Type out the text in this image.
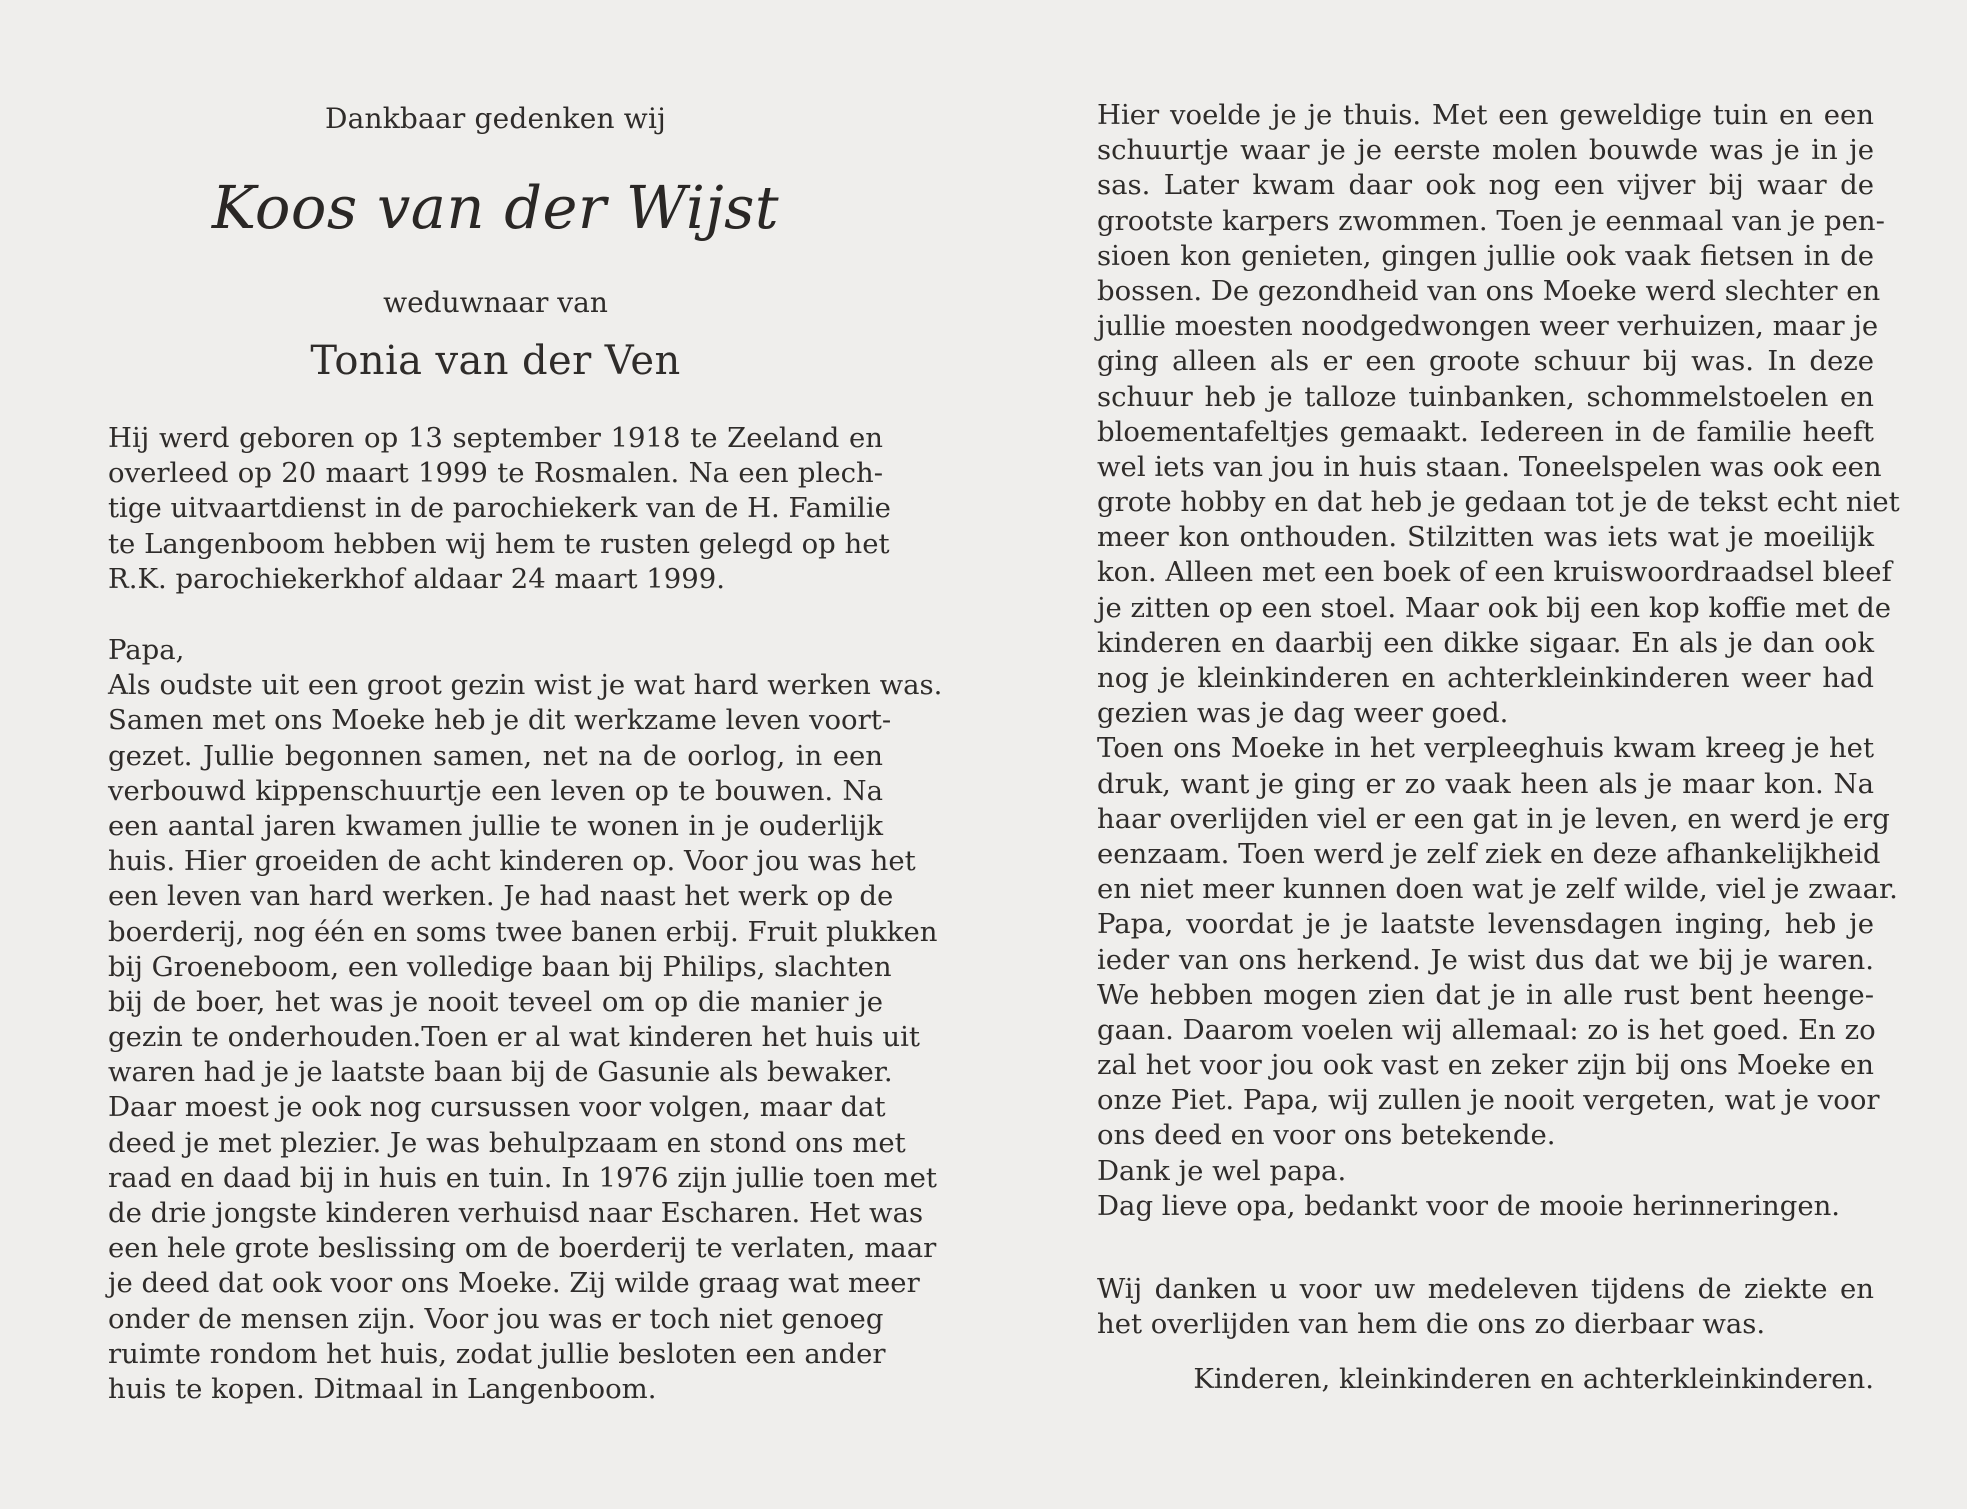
Dankbaar gedenken wij
Koos van der Wijst
weduwnaar van
Tonia van der Ven
Hij werd geboren op 13 september 1918 te Zeeland en
overleed op 20 maart 1999 te Rosmalen. Na een plech-
tige uitvaartdienst in de parochiekerk van de H. Familie
te Langenboom hebben wij hem te rusten gelegd op het
R.K. parochiekerkhof aldaar 24 maart 1999.
Papa,
Als oudste uit een groot gezin wist je wat hard werken was.
Samen met ons Moeke heb je dit werkzame leven voort-
gezet. Jullie begonnen samen, net na de oorlog, in een
verbouwd kippenschuurtje een leven op te bouwen. Na
een aantal jaren kwamen jullie te wonen in je ouderlijk
huis. Hier groeiden de acht kinderen op. Voor jou was het
een leven van hard werken. Je had naast het werk op de
boerderij, nog één en soms twee banen erbij. Fruit plukken
bij Groeneboom, een volledige baan bij Philips, slachten
bij de boer, het was je nooit teveel om op die manier je
gezin te onderhouden.Toen er al wat kinderen het huis uit
waren had je je laatste baan bij de Gasunie als bewaker.
Daar moest je ook nog cursussen voor volgen, maar dat
deed je met plezier. Je was behulpzaam en stond ons met
raad en daad bij in huis en tuin. In 1976 zijn jullie toen met
de drie jongste kinderen verhuisd naar Escharen. Het was
een hele grote beslissing om de boerderij te verlaten, maar
je deed dat ook voor ons Moeke. Zij wilde graag wat meer
onder de mensen zijn. Voor jou was er toch niet genoeg
ruimte rondom het huis, zodat jullie besloten een ander
huis te kopen. Ditmaal in Langenboom.
Hier voelde je je thuis. Met een geweldige tuin en een
schuurtje waar je je eerste molen bouwde was je in je
sas. Later kwam daar ook nog een vijver bij waar de
grootste karpers zwommen. Toen je eenmaal van je pen-
sioen kon genieten, gingen jullie ook vaak fietsen in de
bossen. De gezondheid van ons Moeke werd slechter en
jullie moesten noodgedwongen weer verhuizen, maar je
ging alleen als er een groote schuur bij was. In deze
schuur heb je talloze tuinbanken, schommelstoelen en
bloementafeltjes gemaakt. Iedereen in de familie heeft
wel iets van jou in huis staan. Toneelspelen was ook een
grote hobby en dat heb je gedaan tot je de tekst echt niet
meer kon onthouden. Stilzitten was iets wat je moeilijk
kon. Alleen met een boek of een kruiswoordraadsel bleef
je zitten op een stoel. Maar ook bij een kop koffie met de
kinderen en daarbij een dikke sigaar. En als je dan ook
nog je kleinkinderen en achterkleinkinderen weer had
gezien was je dag weer goed.
Toen ons Moeke in het verpleeghuis kwam kreeg je het
druk, want je ging er zo vaak heen als je maar kon. Na
haar overlijden viel er een gat in je leven, en werd je erg
eenzaam. Toen werd je zelf ziek en deze afhankelijkheid
en niet meer kunnen doen wat je zelf wilde, viel je zwaar.
Papa, voordat je je laatste levensdagen inging, heb je
ieder van ons herkend. Je wist dus dat we bij je waren.
We hebben mogen zien dat je in alle rust bent heenge-
gaan. Daarom voelen wij allemaal: zo is het goed. En zo
zal het voor jou ook vast en zeker zijn bij ons Moeke en
onze Piet. Papa, wij zullen je nooit vergeten, wat je voor
ons deed en voor ons betekende.
Dank je wel papa.
Dag lieve opa, bedankt voor de mooie herinneringen.
Wij danken u voor uw medeleven tijdens de ziekte en
het overlijden van hem die ons zo dierbaar was.
Kinderen, kleinkinderen en achterkleinkinderen.
